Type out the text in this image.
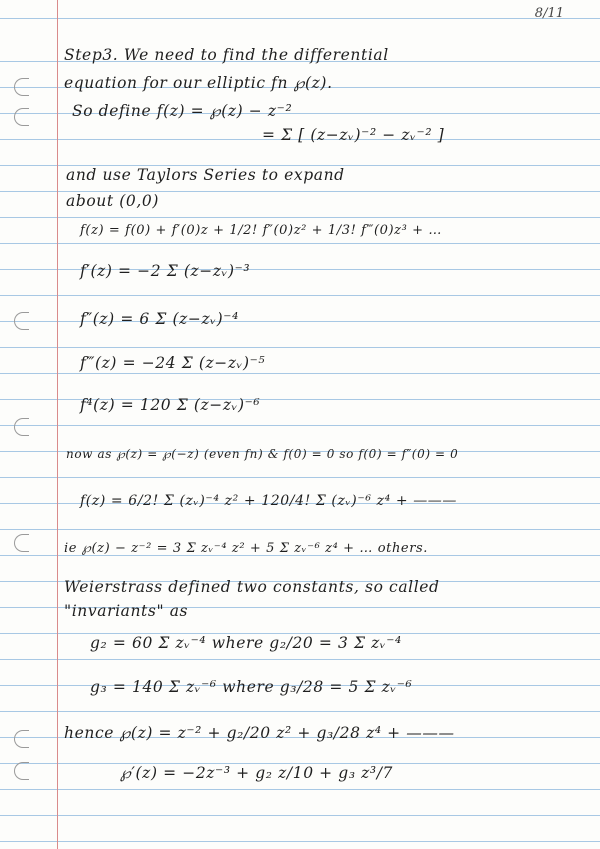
8/11
Step3. We need to find the differential
equation for our elliptic fn ℘(z).
So define f(z) = ℘(z) − z⁻²
= Σ [ (z−zᵥ)⁻² − zᵥ⁻² ]
and use Taylors Series to expand
about (0,0)
f(z) = f(0) + f′(0)z + 1/2! f″(0)z² + 1/3! f‴(0)z³ + …
f′(z) = −2 Σ (z−zᵥ)⁻³
f″(z) = 6 Σ (z−zᵥ)⁻⁴
f‴(z) = −24 Σ (z−zᵥ)⁻⁵
f⁴(z) = 120 Σ (z−zᵥ)⁻⁶
now as ℘(z) = ℘(−z) (even fn) & f(0) = 0 so f(0) = f″(0) = 0
f(z) = 6/2! Σ (zᵥ)⁻⁴ z² + 120/4! Σ (zᵥ)⁻⁶ z⁴ + ———
ie ℘(z) − z⁻² = 3 Σ zᵥ⁻⁴ z² + 5 Σ zᵥ⁻⁶ z⁴ + … others.
Weierstrass defined two constants, so called
"invariants" as
g₂ = 60 Σ zᵥ⁻⁴ where g₂/20 = 3 Σ zᵥ⁻⁴
g₃ = 140 Σ zᵥ⁻⁶ where g₃/28 = 5 Σ zᵥ⁻⁶
hence ℘(z) = z⁻² + g₂/20 z² + g₃/28 z⁴ + ———
℘′(z) = −2z⁻³ + g₂ z/10 + g₃ z³/7
